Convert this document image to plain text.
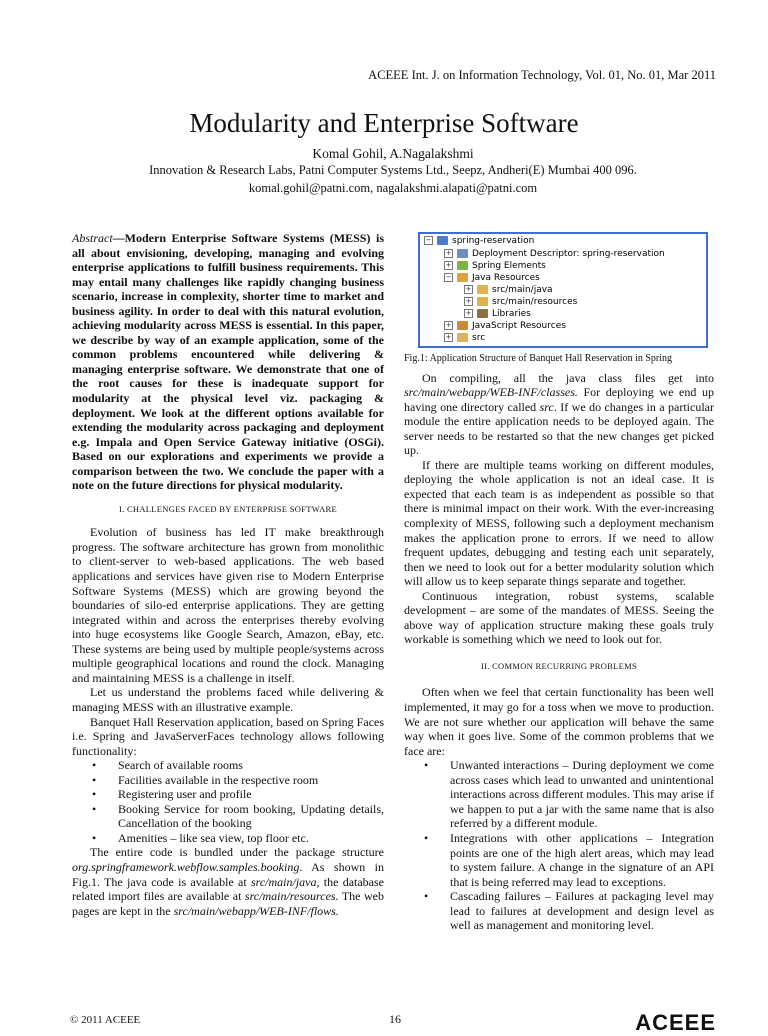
ACEEE Int. J. on Information Technology, Vol. 01, No. 01, Mar 2011
Modularity and Enterprise Software
Komal Gohil, A.Nagalakshmi
Innovation & Research Labs, Patni Computer Systems Ltd., Seepz, Andheri(E) Mumbai 400 096.
komal.gohil@patni.com, nagalakshmi.alapati@patni.com

Abstract—Modern Enterprise Software Systems (MESS) is all about envisioning, developing, managing and evolving enterprise applications to fulfill business requirements. This may entail many challenges like rapidly changing business scenario, increase in complexity, shorter time to market and business agility. In order to deal with this natural evolution, achieving modularity across MESS is essential. In this paper, we describe by way of an example application, some of the common problems encountered while delivering & managing enterprise software. We demonstrate that one of the root causes for these is inadequate support for modularity at the physical level viz. packaging & deployment. We look at the different options available for extending the modularity across packaging and deployment e.g. Impala and Open Service Gateway initiative (OSGi). Based on our explorations and experiments we provide a comparison between the two. We conclude the paper with a note on the future directions for physical modularity.

I. CHALLENGES FACED BY ENTERPRISE SOFTWARE

Evolution of business has led IT make breakthrough progress. The software architecture has grown from monolithic to client-server to web-based applications. The web based applications and services have given rise to Modern Enterprise Software Systems (MESS) which are growing beyond the boundaries of silo-ed enterprise applications. They are getting integrated within and across the enterprises thereby evolving into huge ecosystems like Google Search, Amazon, eBay, etc. These systems are being used by multiple people/systems across multiple geographical locations and round the clock. Managing and maintaining MESS is a challenge in itself.

Let us understand the problems faced while delivering & managing MESS with an illustrative example.

Banquet Hall Reservation application, based on Spring Faces i.e. Spring and JavaServerFaces technology allows following functionality:

• Search of available rooms
• Facilities available in the respective room
• Registering user and profile
• Booking Service for room booking, Updating details, Cancellation of the booking
• Amenities – like sea view, top floor etc.

The entire code is bundled under the package structure org.springframework.webflow.samples.booking. As shown in Fig.1. The java code is available at src/main/java, the database related import files are available at src/main/resources. The web pages are kept in the src/main/webapp/WEB-INF/flows.

− spring-reservation
+ Deployment Descriptor: spring-reservation
+ Spring Elements
− Java Resources
+ src/main/java
+ src/main/resources
+ Libraries
+ JavaScript Resources
+ src
Fig.1: Application Structure of Banquet Hall Reservation in Spring

On compiling, all the java class files get into src/main/webapp/WEB-INF/classes. For deploying we end up having one directory called src. If we do changes in a particular module the entire application needs to be deployed again. The server needs to be restarted so that the new changes get picked up.

If there are multiple teams working on different modules, deploying the whole application is not an ideal case. It is expected that each team is as independent as possible so that there is minimal impact on their work. With the ever-increasing complexity of MESS, following such a deployment mechanism makes the application prone to errors. If we need to allow frequent updates, debugging and testing each unit separately, then we need to look out for a better modularity solution which will allow us to keep separate things separate and together.

Continuous integration, robust systems, scalable development – are some of the mandates of MESS. Seeing the above way of application structure making these goals truly workable is something which we need to look out for.

II. COMMON RECURRING PROBLEMS

Often when we feel that certain functionality has been well implemented, it may go for a toss when we move to production. We are not sure whether our application will behave the same way when it goes live. Some of the common problems that we face are:

• Unwanted interactions – During deployment we come across cases which lead to unwanted and unintentional interactions across different modules. This may arise if we happen to put a jar with the same name that is also referred by a different module.
• Integrations with other applications – Integration points are one of the high alert areas, which may lead to system failure. A change in the signature of an API that is being referred may lead to exceptions.
• Cascading failures – Failures at packaging level may lead to failures at development and design level as well as management and monitoring level.
© 2011 ACEEE	16	ACEEE
